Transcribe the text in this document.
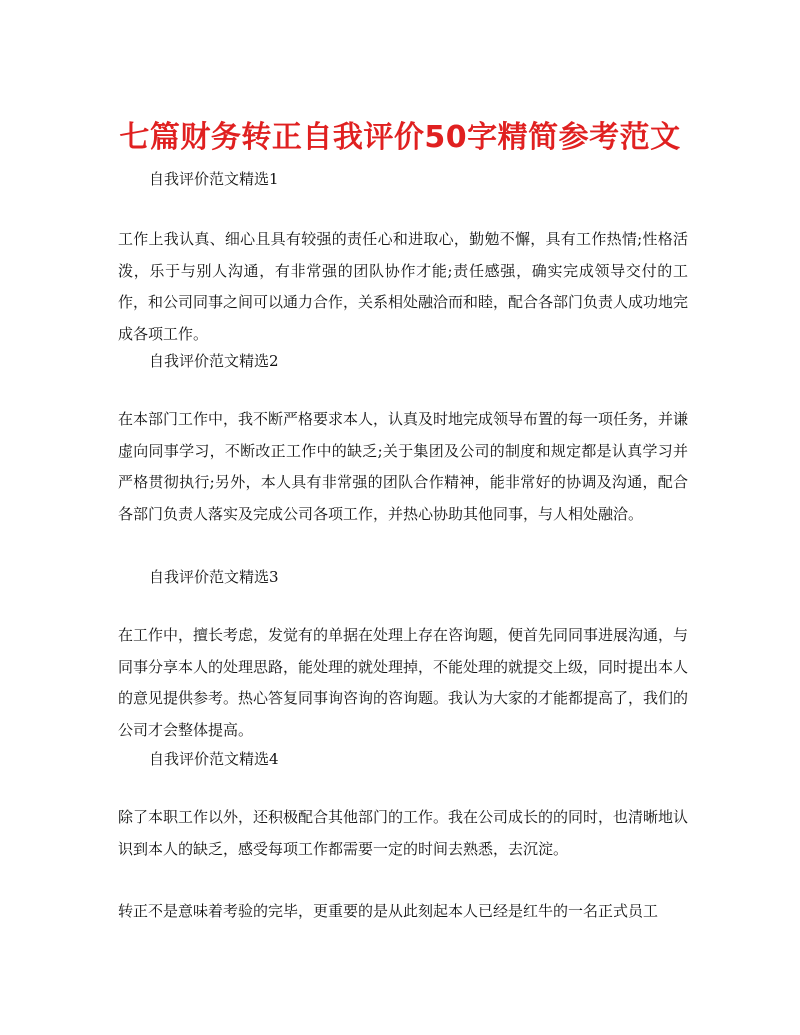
七篇财务转正自我评价50字精简参考范文

自我评价范文精选1

工作上我认真、细心且具有较强的责任心和进取心，勤勉不懈，具有工作热情;性格活泼，乐于与别人沟通，有非常强的团队协作才能;责任感强，确实完成领导交付的工作，和公司同事之间可以通力合作，关系相处融洽而和睦，配合各部门负责人成功地完成各项工作。

自我评价范文精选2

在本部门工作中，我不断严格要求本人，认真及时地完成领导布置的每一项任务，并谦虚向同事学习，不断改正工作中的缺乏;关于集团及公司的制度和规定都是认真学习并严格贯彻执行;另外，本人具有非常强的团队合作精神，能非常好的协调及沟通，配合各部门负责人落实及完成公司各项工作，并热心协助其他同事，与人相处融洽。

自我评价范文精选3

在工作中，擅长考虑，发觉有的单据在处理上存在咨询题，便首先同同事进展沟通，与同事分享本人的处理思路，能处理的就处理掉，不能处理的就提交上级，同时提出本人的意见提供参考。热心答复同事询咨询的咨询题。我认为大家的才能都提高了，我们的公司才会整体提高。

自我评价范文精选4

除了本职工作以外，还积极配合其他部门的工作。我在公司成长的的同时，也清晰地认识到本人的缺乏，感受每项工作都需要一定的时间去熟悉，去沉淀。

转正不是意味着考验的完毕，更重要的是从此刻起本人已经是红牛的一名正式员工
